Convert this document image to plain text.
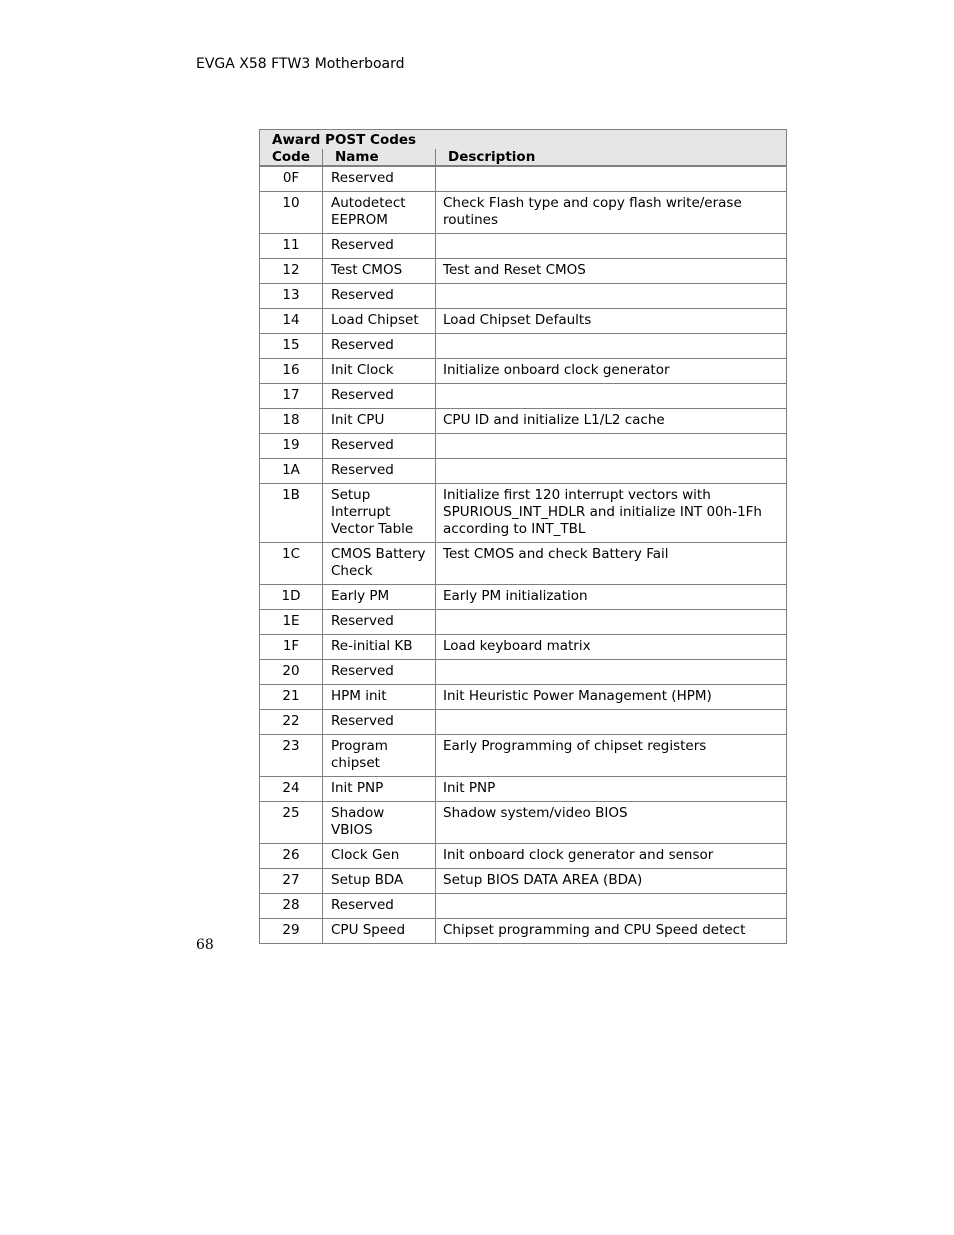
EVGA X58 FTW3 Motherboard
Award POST Codes		
Code	Name	Description
0F	Reserved	
10	Autodetect EEPROM	Check Flash type and copy flash write/erase routines
11	Reserved	
12	Test CMOS	Test and Reset CMOS
13	Reserved	
14	Load Chipset	Load Chipset Defaults
15	Reserved	
16	Init Clock	Initialize onboard clock generator
17	Reserved	
18	Init CPU	CPU ID and initialize L1/L2 cache
19	Reserved	
1A	Reserved	
1B	Setup Interrupt Vector Table	Initialize first 120 interrupt vectors with SPURIOUS_INT_HDLR and initialize INT 00h-1Fh according to INT_TBL
1C	CMOS Battery Check	Test CMOS and check Battery Fail
1D	Early PM	Early PM initialization
1E	Reserved	
1F	Re-initial KB	Load keyboard matrix
20	Reserved	
21	HPM init	Init Heuristic Power Management (HPM)
22	Reserved	
23	Program chipset	Early Programming of chipset registers
24	Init PNP	Init PNP
25	Shadow VBIOS	Shadow system/video BIOS
26	Clock Gen	Init onboard clock generator and sensor
27	Setup BDA	Setup BIOS DATA AREA (BDA)
28	Reserved	
29	CPU Speed	Chipset programming and CPU Speed detect
68
